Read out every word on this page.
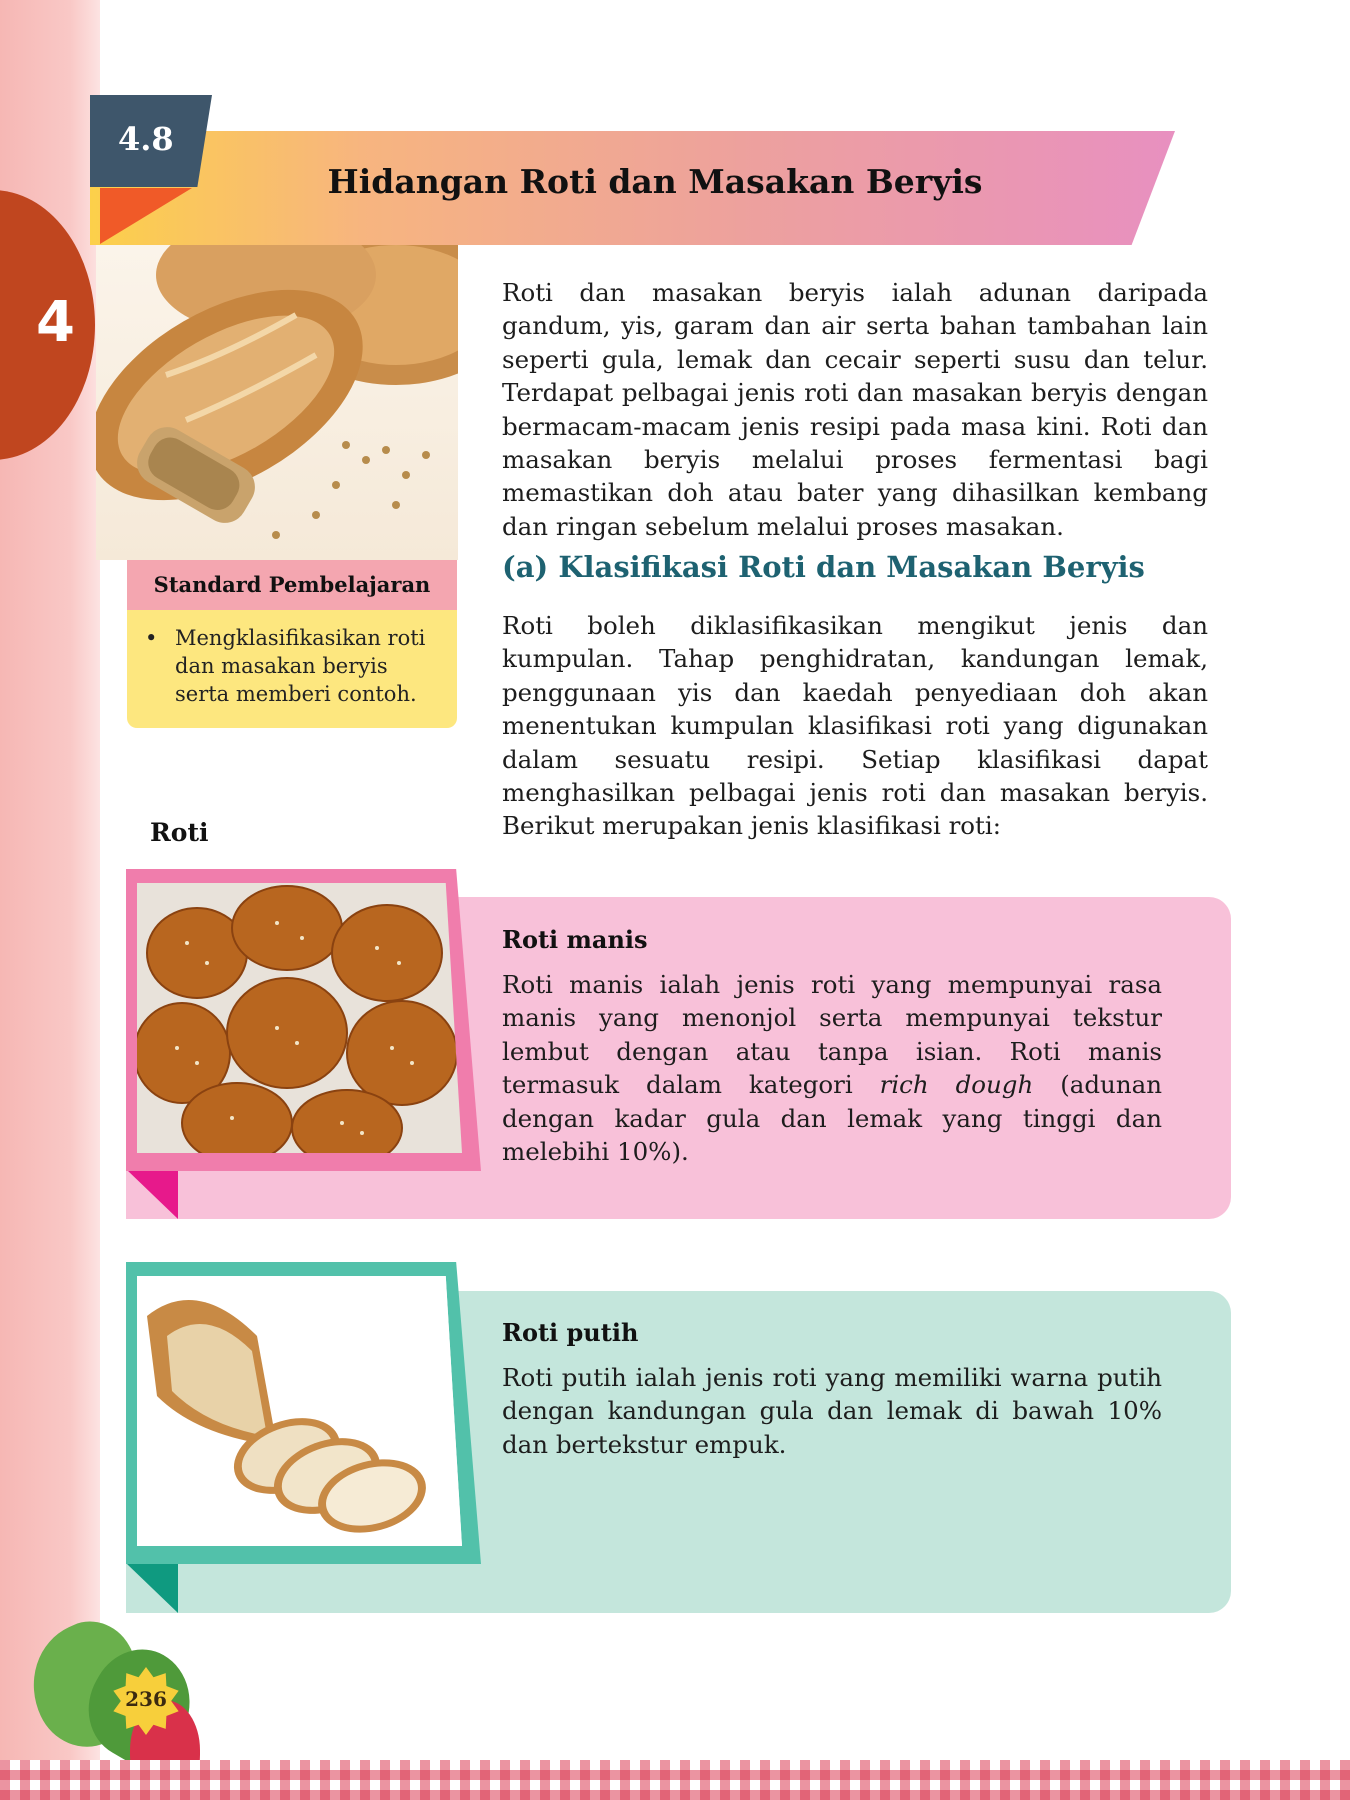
4
4.8
Hidangan Roti dan Masakan Beryis
Standard Pembelajaran
• Mengklasifikasikan roti dan masakan beryis serta memberi contoh.
Roti dan masakan beryis ialah adunan daripada gandum, yis, garam dan air serta bahan tambahan lain seperti gula, lemak dan cecair seperti susu dan telur. Terdapat pelbagai jenis roti dan masakan beryis dengan bermacam-macam jenis resipi pada masa kini. Roti dan masakan beryis melalui proses fermentasi bagi memastikan doh atau bater yang dihasilkan kembang dan ringan sebelum melalui proses masakan.
(a) Klasifikasi Roti dan Masakan Beryis
Roti boleh diklasifikasikan mengikut jenis dan kumpulan. Tahap penghidratan, kandungan lemak, penggunaan yis dan kaedah penyediaan doh akan menentukan kumpulan klasifikasi roti yang digunakan dalam sesuatu resipi. Setiap klasifikasi dapat menghasilkan pelbagai jenis roti dan masakan beryis. Berikut merupakan jenis klasifikasi roti:
Roti
Roti manis
Roti manis ialah jenis roti yang mempunyai rasa manis yang menonjol serta mempunyai tekstur lembut dengan atau tanpa isian. Roti manis termasuk dalam kategori rich dough (adunan dengan kadar gula dan lemak yang tinggi dan melebihi 10%).
Roti putih
Roti putih ialah jenis roti yang memiliki warna putih dengan kandungan gula dan lemak di bawah 10% dan bertekstur empuk.
236
